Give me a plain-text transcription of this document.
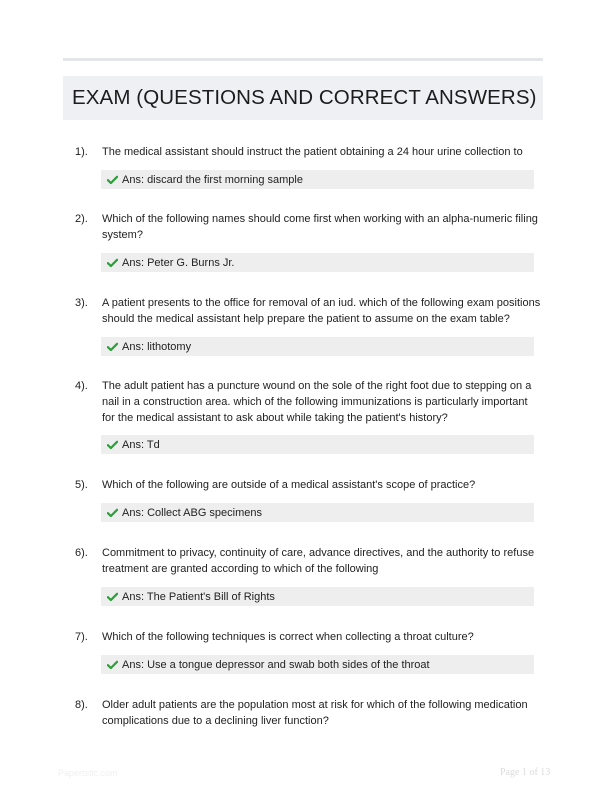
EXAM (QUESTIONS AND CORRECT ANSWERS)
1). The medical assistant should instruct the patient obtaining a 24 hour urine collection to
Ans: discard the first morning sample
2). Which of the following names should come first when working with an alpha-numeric filing system?
Ans: Peter G. Burns Jr.
3). A patient presents to the office for removal of an iud. which of the following exam positions should the medical assistant help prepare the patient to assume on the exam table?
Ans: lithotomy
4). The adult patient has a puncture wound on the sole of the right foot due to stepping on a nail in a construction area. which of the following immunizations is particularly important for the medical assistant to ask about while taking the patient's history?
Ans: Td
5). Which of the following are outside of a medical assistant's scope of practice?
Ans: Collect ABG specimens
6). Commitment to privacy, continuity of care, advance directives, and the authority to refuse treatment are granted according to which of the following
Ans: The Patient's Bill of Rights
7). Which of the following techniques is correct when collecting a throat culture?
Ans: Use a tongue depressor and swab both sides of the throat
8). Older adult patients are the population most at risk for which of the following medication complications due to a declining liver function?
Papertstic.com	Page 1 of 13
